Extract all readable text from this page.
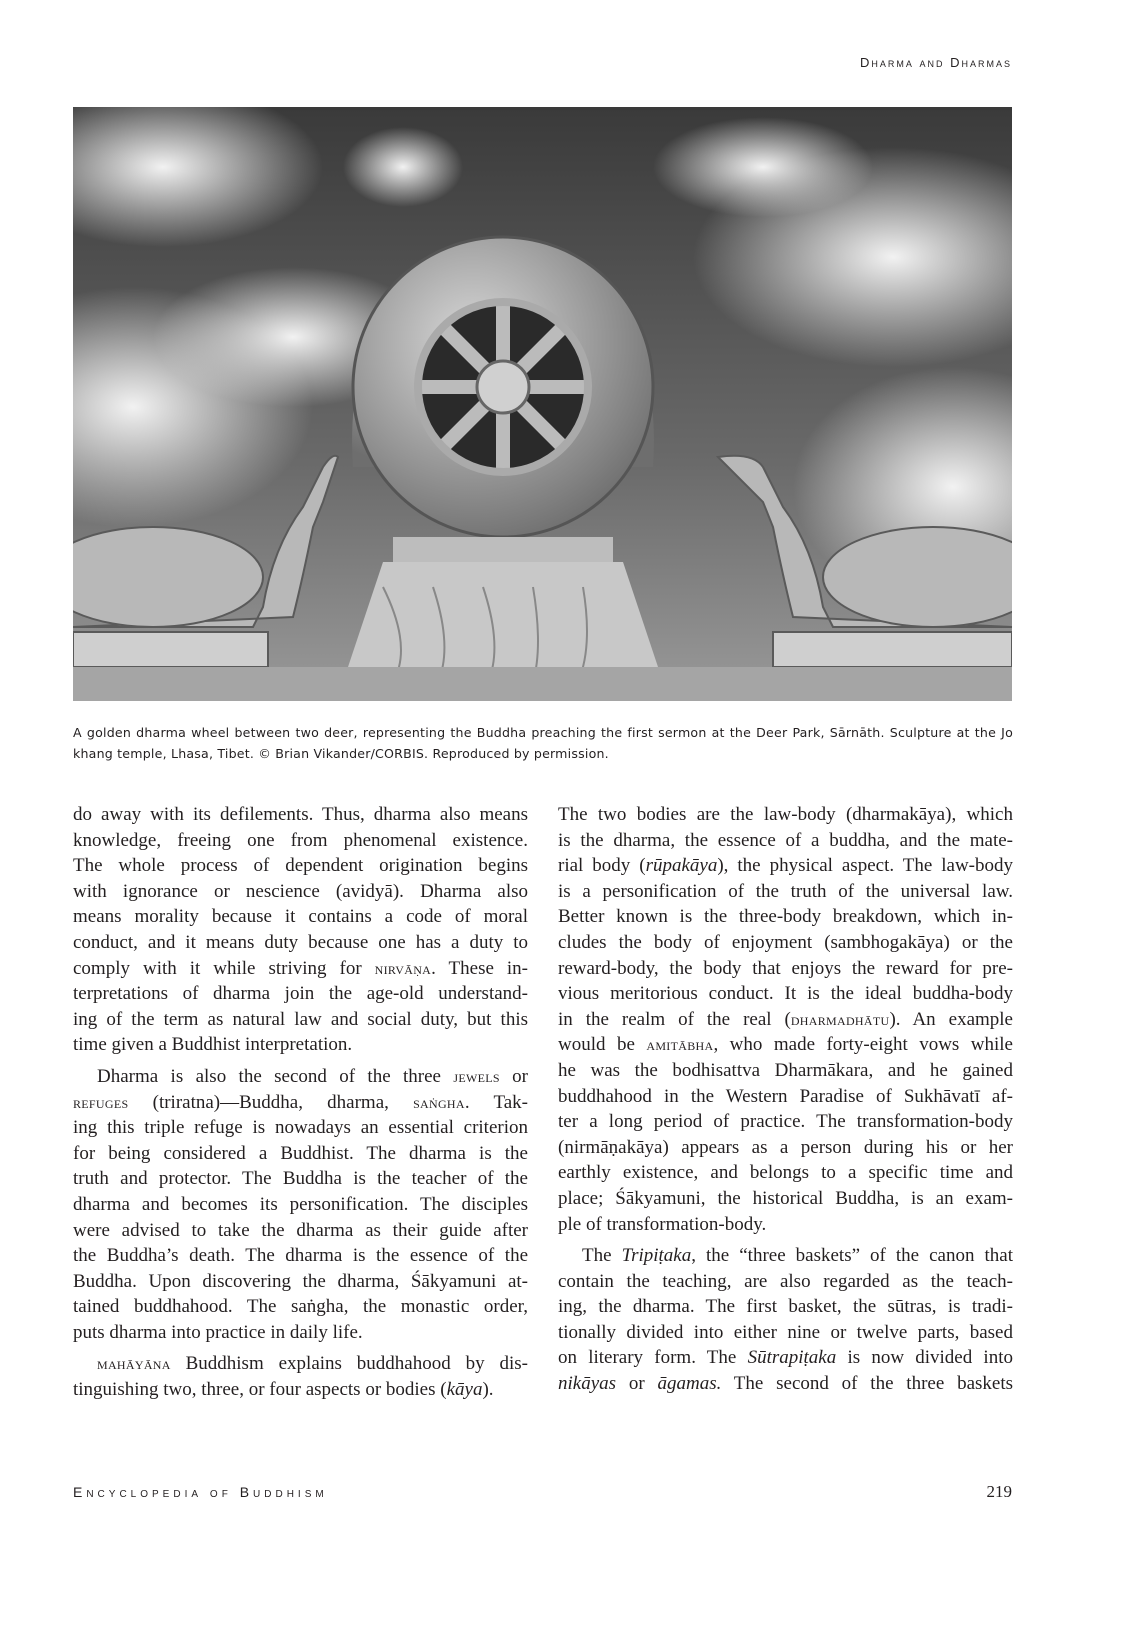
Dharma and Dharmas
A golden dharma wheel between two deer, representing the Buddha preaching the first sermon at the Deer Park, Sārnāth. Sculpture at the Jo khang temple, Lhasa, Tibet. © Brian Vikander/CORBIS. Reproduced by permission.
do away with its defilements. Thus, dharma also means
knowledge, freeing one from phenomenal existence.
The whole process of dependent origination begins
with ignorance or nescience (avidyā). Dharma also
means morality because it contains a code of moral
conduct, and it means duty because one has a duty to
comply with it while striving for nirvāṇa. These in-
terpretations of dharma join the age-old understand-
ing of the term as natural law and social duty, but this
time given a Buddhist interpretation.
Dharma is also the second of the three jewels or
refuges (triratna)—Buddha, dharma, saṅgha. Tak-
ing this triple refuge is nowadays an essential criterion
for being considered a Buddhist. The dharma is the
truth and protector. The Buddha is the teacher of the
dharma and becomes its personification. The disciples
were advised to take the dharma as their guide after
the Buddha’s death. The dharma is the essence of the
Buddha. Upon discovering the dharma, Śākyamuni at-
tained buddhahood. The saṅgha, the monastic order,
puts dharma into practice in daily life.
mahāyāna Buddhism explains buddhahood by dis-
tinguishing two, three, or four aspects or bodies (kāya).
The two bodies are the law-body (dharmakāya), which
is the dharma, the essence of a buddha, and the mate-
rial body (rūpakāya), the physical aspect. The law-body
is a personification of the truth of the universal law.
Better known is the three-body breakdown, which in-
cludes the body of enjoyment (sambhogakāya) or the
reward-body, the body that enjoys the reward for pre-
vious meritorious conduct. It is the ideal buddha-body
in the realm of the real (dharmadhātu). An example
would be amitābha, who made forty-eight vows while
he was the bodhisattva Dharmākara, and he gained
buddhahood in the Western Paradise of Sukhāvatī af-
ter a long period of practice. The transformation-body
(nirmāṇakāya) appears as a person during his or her
earthly existence, and belongs to a specific time and
place; Śākyamuni, the historical Buddha, is an exam-
ple of transformation-body.
The Tripiṭaka, the “three baskets” of the canon that
contain the teaching, are also regarded as the teach-
ing, the dharma. The first basket, the sūtras, is tradi-
tionally divided into either nine or twelve parts, based
on literary form. The Sūtrapiṭaka is now divided into
nikāyas or āgamas. The second of the three baskets
Encyclopedia of Buddhism	219
